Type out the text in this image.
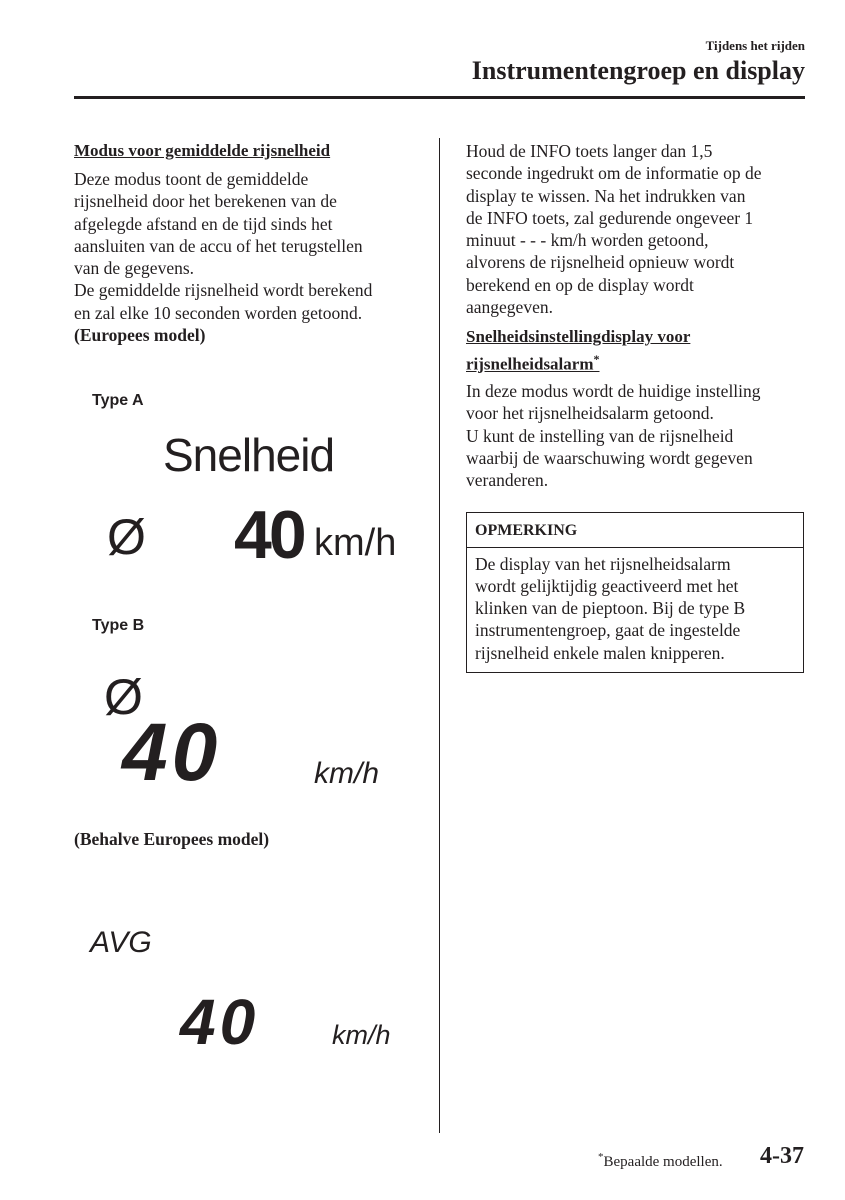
Tijdens het rijden
Instrumentengroep en display
Modus voor gemiddelde rijsnelheid
Deze modus toont de gemiddelde
rijsnelheid door het berekenen van de
afgelegde afstand en de tijd sinds het
aansluiten van de accu of het terugstellen
van de gegevens.
De gemiddelde rijsnelheid wordt berekend
en zal elke 10 seconden worden getoond.
(Europees model)
Type A
Snelheid
Ø 40 km/h
Type B
Ø
40	km/h
(Behalve Europees model)
AVG
40	km/h
Houd de INFO toets langer dan 1,5
seconde ingedrukt om de informatie op de
display te wissen. Na het indrukken van
de INFO toets, zal gedurende ongeveer 1
minuut - - - km/h worden getoond,
alvorens de rijsnelheid opnieuw wordt
berekend en op de display wordt
aangegeven.
Snelheidsinstellingdisplay voor
rijsnelheidsalarm*
In deze modus wordt de huidige instelling
voor het rijsnelheidsalarm getoond.
U kunt de instelling van de rijsnelheid
waarbij de waarschuwing wordt gegeven
veranderen.
OPMERKING
De display van het rijsnelheidsalarm
wordt gelijktijdig geactiveerd met het
klinken van de pieptoon. Bij de type B
instrumentengroep, gaat de ingestelde
rijsnelheid enkele malen knipperen.
*Bepaalde modellen. 4-37
